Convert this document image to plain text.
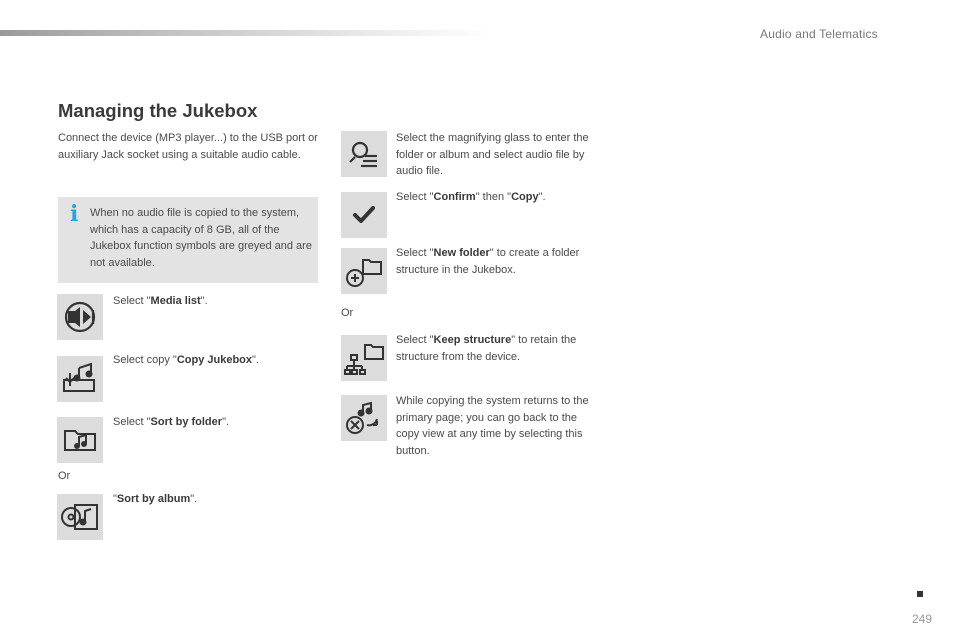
Audio and Telematics
Managing the Jukebox
Connect the device (MP3 player...) to the USB port or auxiliary Jack socket using a suitable audio cable.
i When no audio file is copied to the system, which has a capacity of 8 GB, all of the Jukebox function symbols are greyed and are not available.
Select "Media list".
Select copy "Copy Jukebox".
Select "Sort by folder".
Or
"Sort by album".
Select the magnifying glass to enter the folder or album and select audio file by audio file.
Select "Confirm" then "Copy".
Select "New folder" to create a folder structure in the Jukebox.
Or
Select "Keep structure" to retain the structure from the device.
While copying the system returns to the primary page; you can go back to the copy view at any time by selecting this button.
249
